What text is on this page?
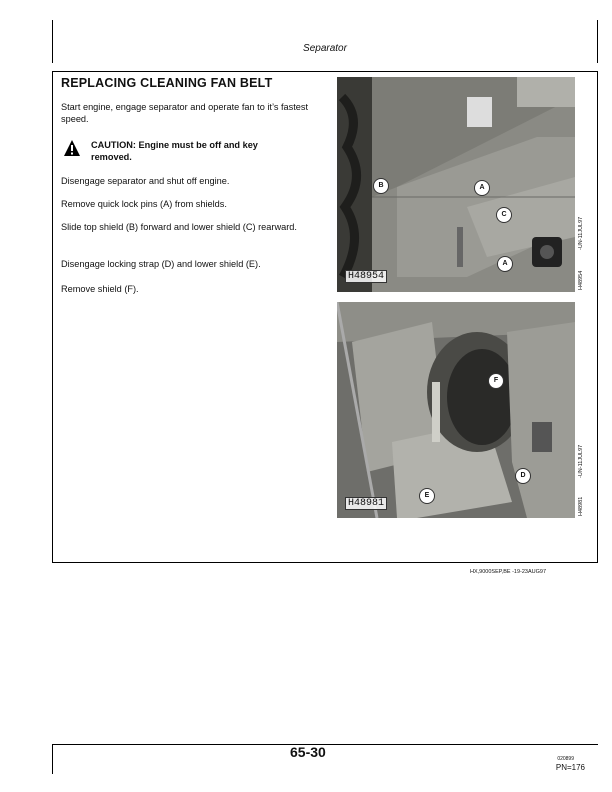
Separator
REPLACING CLEANING FAN BELT
Start engine, engage separator and operate fan to it’s fastest speed.
CAUTION: Engine must be off and key removed.
Disengage separator and shut off engine.
Remove quick lock pins (A) from shields.
Slide top shield (B) forward and lower shield (C) rearward.
Disengage locking strap (D) and lower shield (E).
Remove shield (F).
H48954
B	A
C
A
H48954
-UN-11JUL97
H48981
F
D
E
H48981
-UN-11JUL97
HX,9000SEP,BE -19-23AUG97
65-30	020899
PN=176
